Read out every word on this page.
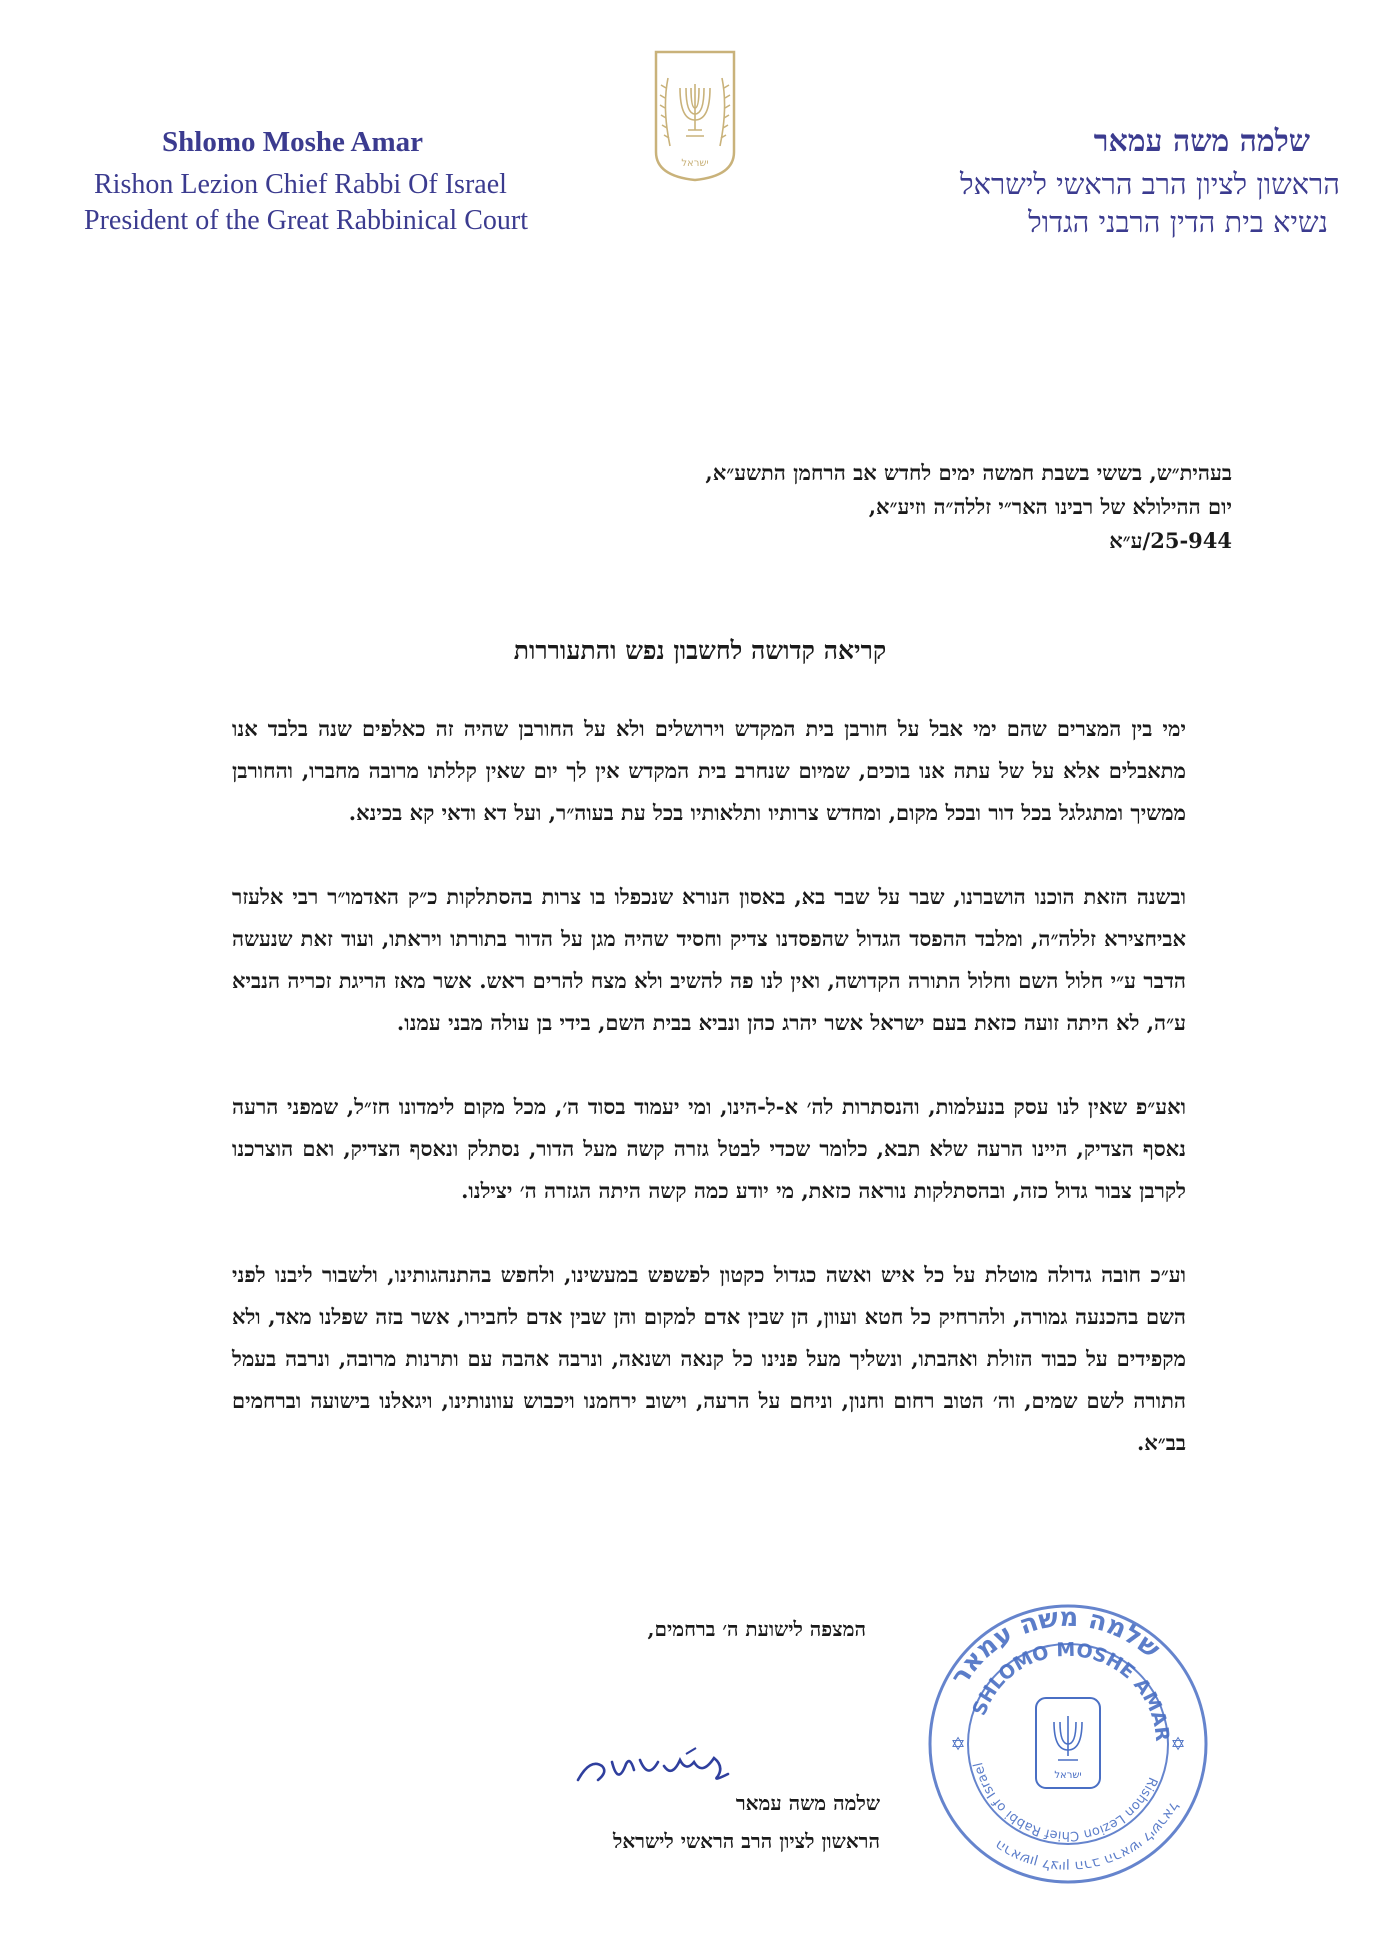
ישראל
Shlomo Moshe Amar
Rishon Lezion Chief Rabbi Of Israel
President of the Great Rabbinical Court
שלמה משה עמאר
הראשון לציון הרב הראשי לישראל
נשיא בית הדין הרבני הגדול
בעהית״ש, בששי בשבת חמשה ימים לחדש אב הרחמן התשע״א,
יום ההילולא של רבינו האר״י זללה״ה וזיע״א,
25-944/ע״א
קריאה קדושה לחשבון נפש והתעוררות

ימי בין המצרים שהם ימי אבל על חורבן בית המקדש וירושלים ולא על החורבן שהיה זה כאלפים שנה בלבד אנו מתאבלים אלא על של עתה אנו בוכים, שמיום שנחרב בית המקדש אין לך יום שאין קללתו מרובה מחברו, והחורבן ממשיך ומתגלגל בכל דור ובכל מקום, ומחדש צרותיו ותלאותיו בכל עת בעוה״ר, ועל דא ודאי קא בכינא.

ובשנה הזאת הוכנו הושברנו, שבר על שבר בא, באסון הנורא שנכפלו בו צרות בהסתלקות כ״ק האדמו״ר רבי אלעזר אביחצירא זללה״ה, ומלבד ההפסד הגדול שהפסדנו צדיק וחסיד שהיה מגן על הדור בתורתו ויראתו, ועוד זאת שנעשה הדבר ע״י חלול השם וחלול התורה הקדושה, ואין לנו פה להשיב ולא מצח להרים ראש. אשר מאז הריגת זכריה הנביא ע״ה, לא היתה זועה כזאת בעם ישראל אשר יהרג כהן ונביא בבית השם, בידי בן עולה מבני עמנו.

ואע״פ שאין לנו עסק בנעלמות, והנסתרות לה׳ א-ל-הינו, ומי יעמוד בסוד ה׳, מכל מקום לימדונו חז״ל, שמפני הרעה נאסף הצדיק, היינו הרעה שלא תבא, כלומר שכדי לבטל גזרה קשה מעל הדור, נסתלק ונאסף הצדיק, ואם הוצרכנו לקרבן צבור גדול כזה, ובהסתלקות נוראה כזאת, מי יודע כמה קשה היתה הגזרה ה׳ יצילנו.

וע״כ חובה גדולה מוטלת על כל איש ואשה כגדול כקטון לפשפש במעשינו, ולחפש בהתנהגותינו, ולשבור ליבנו לפני השם בהכנעה גמורה, ולהרחיק כל חטא ועוון, הן שבין אדם למקום והן שבין אדם לחבירו, אשר בזה שפלנו מאד, ולא מקפידים על כבוד הזולת ואהבתו, ונשליך מעל פנינו כל קנאה ושנאה, ונרבה אהבה עם ותרנות מרובה, ונרבה בעמל התורה לשם שמים, וה׳ הטוב רחום וחנון, וניחם על הרעה, וישוב ירחמנו ויכבוש עוונותינו, ויגאלנו בישועה וברחמים בב״א.

המצפה לישועת ה׳ ברחמים,
שלמה משה עמאר
הראשון לציון הרב הראשי לישראל
שלמה משה עמאר
SHLOMO MOSHE AMAR
Rishon Lezion Chief Rabbi of Israel
הראשון לציון הרב הראשי לישראל
ישראל
✡	✡
